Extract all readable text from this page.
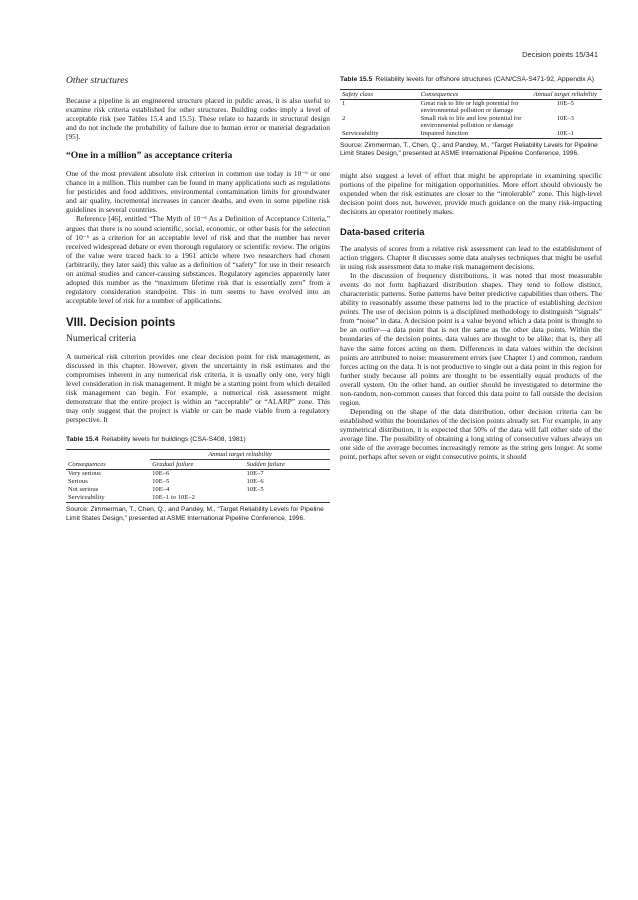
Decision points 15/341
Other structures

Because a pipeline is an engineered structure placed in public areas, it is also useful to examine risk criteria established for other structures. Building codes imply a level of acceptable risk (see Tables 15.4 and 15.5). These relate to hazards in structural design and do not include the probability of failure due to human error or material degradation [95].

“One in a million” as acceptance criteria

One of the most prevalent absolute risk criterion in common use today is 10⁻⁶ or one chance in a million. This number can be found in many applications such as regulations for pesticides and food additives, environmental contamination limits for groundwater and air quality, incremental increases in cancer deaths, and even in some pipeline risk guidelines in several countries.

Reference [46], entitled “The Myth of 10⁻⁶ As a Definition of Acceptance Criteria,” argues that there is no sound scientific, social, economic, or other basis for the selection of 10⁻⁶ as a criterion for an acceptable level of risk and that the number has never received widespread debate or even thorough regulatory or scientific review. The origins of the value were traced back to a 1961 article where two researchers had chosen (arbitrarily, they later said) this value as a definition of “safety” for use in their research on animal studies and cancer-causing substances. Regulatory agencies apparently later adopted this number as the “maximum lifetime risk that is essentially zero” from a regulatory consideration standpoint. This in turn seems to have evolved into an acceptable level of risk for a number of applications.

VIII. Decision points
Numerical criteria

A numerical risk criterion provides one clear decision point for risk management, as discussed in this chapter. However, given the uncertainty in risk estimates and the compromises inherent in any numerical risk criteria, it is usually only one, very high level consideration in risk management. It might be a starting point from which detailed risk management can begin. For example, a numerical risk assessment might demonstrate that the entire project is within an “acceptable” or “ALARP” zone. This may only suggest that the project is viable or can be made viable from a regulatory perspective. It

Table 15.4 Reliability levels for buildings (CSA-S408, 1981)
	Annual target reliability	
Consequences	Gradual failure	Sudden failure
Very serious	10E–6	10E–7
Serious	10E–5	10E–6
Not serious	10E–4	10E–5
Serviceability	10E–1 to 10E–2	

Source: Zimmerman, T., Chen, Q., and Pandey, M., “Target Reliability Levels for Pipeline Limit States Design,” presented at ASME International Pipeline Conference, 1996.

Table 15.5 Reliability levels for offshore structures (CAN/CSA-S471-92, Appendix A)
Safety class	Consequences	Annual target reliability
1	Great risk to life or high potential for environmental pollution or damage	10E–5
2	Small risk to life and low potential for environmental pollution or damage	10E–3
Serviceability	Impaired function	10E–1

Source: Zimmerman, T., Chen, Q., and Pandey, M., “Target Reliability Levels for Pipeline Limit States Design,” presented at ASME International Pipeline Conference, 1996.

might also suggest a level of effort that might be appropriate in examining specific portions of the pipeline for mitigation opportunities. More effort should obviously be expended when the risk estimates are closer to the “intolerable” zone. This high-level decision point does not, however, provide much guidance on the many risk-impacting decisions an operator routinely makes.

Data-based criteria

The analysis of scores from a relative risk assessment can lead to the establishment of action triggers. Chapter 8 discusses some data analyses techniques that might be useful in using risk assessment data to make risk management decisions.

In the discussion of frequency distributions, it was noted that most measurable events do not form haphazard distribution shapes. They tend to follow distinct, characteristic patterns. Some patterns have better predictive capabilities than others. The ability to reasonably assume these patterns led to the practice of establishing decision points. The use of decision points is a disciplined methodology to distinguish “signals” from “noise” in data. A decision point is a value beyond which a data point is thought to be an outlier—a data point that is not the same as the other data points. Within the boundaries of the decision points, data values are thought to be alike; that is, they all have the same forces acting on them. Differences in data values within the decision points are attributed to noise: measurement errors (see Chapter 1) and common, random forces acting on the data. It is not productive to single out a data point in this region for further study because all points are thought to be essentially equal products of the overall system. On the other hand, an outlier should be investigated to determine the non-random, non-common causes that forced this data point to fall outside the decision region.

Depending on the shape of the data distribution, other decision criteria can be established within the boundaries of the decision points already set. For example, in any symmetrical distribution, it is expected that 50% of the data will fall either side of the average line. The possibility of obtaining a long string of consecutive values always on one side of the average becomes increasingly remote as the string gets longer. At some point, perhaps after seven or eight consecutive points, it should
